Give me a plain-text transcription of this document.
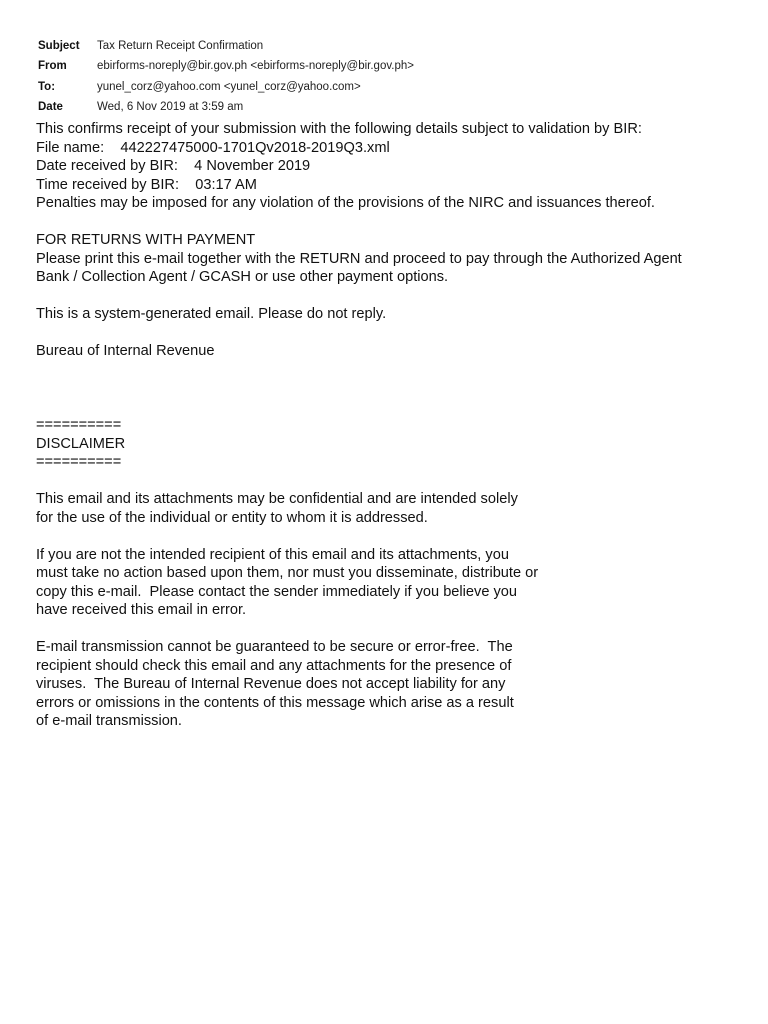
Subject	Tax Return Receipt Confirmation
From	ebirforms-noreply@bir.gov.ph <ebirforms-noreply@bir.gov.ph>
To:	yunel_corz@yahoo.com <yunel_corz@yahoo.com>
Date	Wed, 6 Nov 2019 at 3:59 am
This confirms receipt of your submission with the following details subject to validation by BIR:
File name:    442227475000-1701Qv2018-2019Q3.xml
Date received by BIR:    4 November 2019
Time received by BIR:    03:17 AM
Penalties may be imposed for any violation of the provisions of the NIRC and issuances thereof.
FOR RETURNS WITH PAYMENT
Please print this e-mail together with the RETURN and proceed to pay through the Authorized Agent
Bank / Collection Agent / GCASH or use other payment options.
This is a system-generated email. Please do not reply.
Bureau of Internal Revenue
==========
DISCLAIMER
==========
This email and its attachments may be confidential and are intended solely
for the use of the individual or entity to whom it is addressed.
If you are not the intended recipient of this email and its attachments, you
must take no action based upon them, nor must you disseminate, distribute or
copy this e-mail.  Please contact the sender immediately if you believe you
have received this email in error.
E-mail transmission cannot be guaranteed to be secure or error-free.  The
recipient should check this email and any attachments for the presence of
viruses.  The Bureau of Internal Revenue does not accept liability for any
errors or omissions in the contents of this message which arise as a result
of e-mail transmission.
